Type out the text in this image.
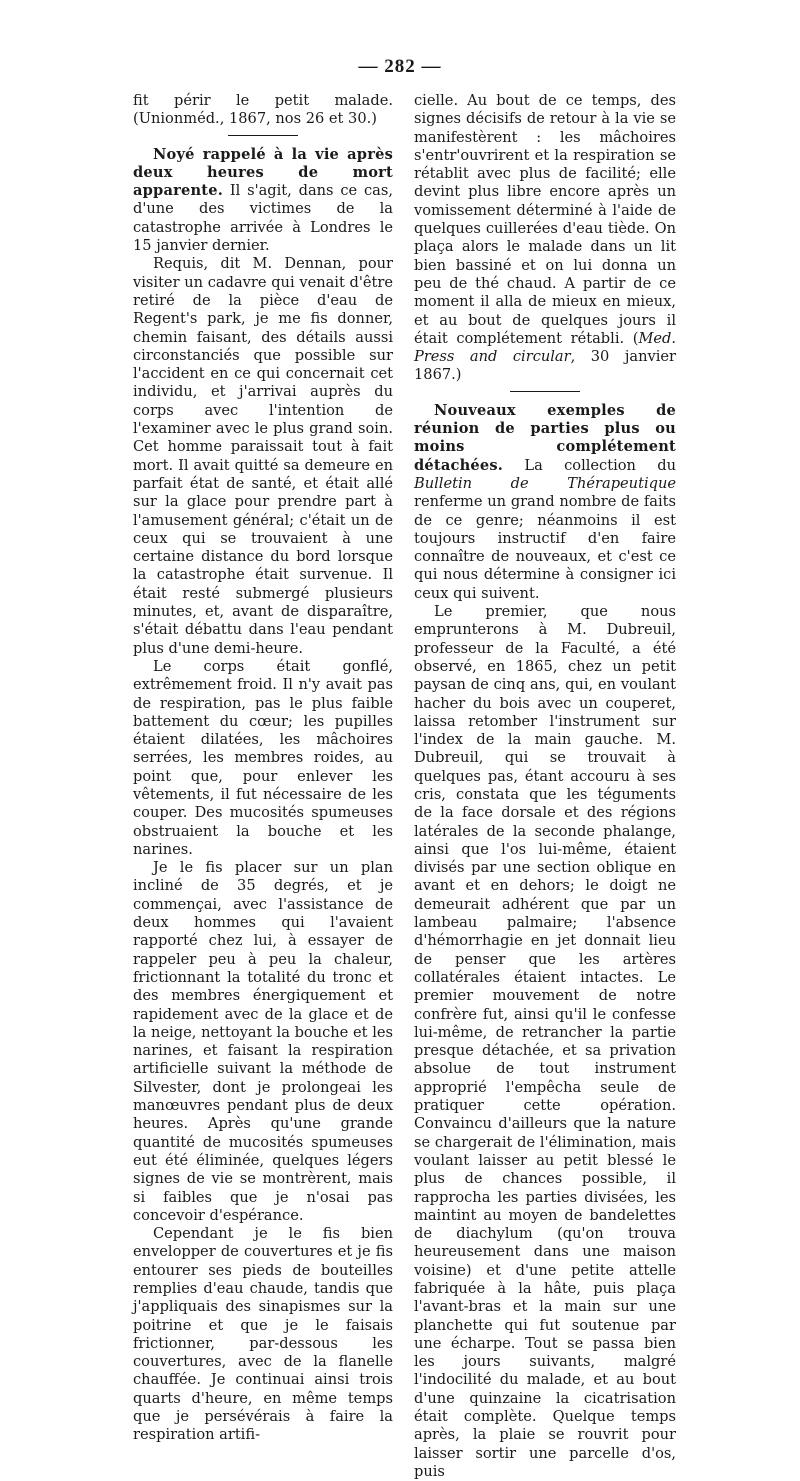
— 282 —

fit périr le petit malade. (Unionméd., 1867, nos 26 et 30.)

Noyé rappelé à la vie après deux heures de mort apparente. Il s'agit, dans ce cas, d'une des victimes de la catastrophe arrivée à Londres le 15 janvier dernier.

Requis, dit M. Dennan, pour visiter un cadavre qui venait d'être retiré de la pièce d'eau de Regent's park, je me fis donner, chemin faisant, des détails aussi circonstanciés que possible sur l'accident en ce qui concernait cet individu, et j'arrivai auprès du corps avec l'intention de l'examiner avec le plus grand soin. Cet homme paraissait tout à fait mort. Il avait quitté sa demeure en parfait état de santé, et était allé sur la glace pour prendre part à l'amusement général; c'était un de ceux qui se trouvaient à une certaine distance du bord lorsque la catastrophe était survenue. Il était resté submergé plusieurs minutes, et, avant de disparaître, s'était débattu dans l'eau pendant plus d'une demi-heure.

Le corps était gonflé, extrêmement froid. Il n'y avait pas de respiration, pas le plus faible battement du cœur; les pupilles étaient dilatées, les mâchoires serrées, les membres roides, au point que, pour enlever les vêtements, il fut nécessaire de les couper. Des mucosités spumeuses obstruaient la bouche et les narines.

Je le fis placer sur un plan incliné de 35 degrés, et je commençai, avec l'assistance de deux hommes qui l'avaient rapporté chez lui, à essayer de rappeler peu à peu la chaleur, frictionnant la totalité du tronc et des membres énergiquement et rapidement avec de la glace et de la neige, nettoyant la bouche et les narines, et faisant la respiration artificielle suivant la méthode de Silvester, dont je prolongeai les manœuvres pendant plus de deux heures. Après qu'une grande quantité de mucosités spumeuses eut été éliminée, quelques légers signes de vie se montrèrent, mais si faibles que je n'osai pas concevoir d'espérance.

Cependant je le fis bien envelopper de couvertures et je fis entourer ses pieds de bouteilles remplies d'eau chaude, tandis que j'appliquais des sinapismes sur la poitrine et que je le faisais frictionner, par-dessous les couvertures, avec de la flanelle chauffée. Je continuai ainsi trois quarts d'heure, en même temps que je persévérais à faire la respiration artifi-

cielle. Au bout de ce temps, des signes décisifs de retour à la vie se manifestèrent : les mâchoires s'entr'ouvrirent et la respiration se rétablit avec plus de facilité; elle devint plus libre encore après un vomissement déterminé à l'aide de quelques cuillerées d'eau tiède. On plaça alors le malade dans un lit bien bassiné et on lui donna un peu de thé chaud. A partir de ce moment il alla de mieux en mieux, et au bout de quelques jours il était complétement rétabli. (Med. Press and circular, 30 janvier 1867.)

Nouveaux exemples de réunion de parties plus ou moins complétement détachées. La collection du Bulletin de Thérapeutique renferme un grand nombre de faits de ce genre; néanmoins il est toujours instructif d'en faire connaître de nouveaux, et c'est ce qui nous détermine à consigner ici ceux qui suivent.

Le premier, que nous emprunterons à M. Dubreuil, professeur de la Faculté, a été observé, en 1865, chez un petit paysan de cinq ans, qui, en voulant hacher du bois avec un couperet, laissa retomber l'instrument sur l'index de la main gauche. M. Dubreuil, qui se trouvait à quelques pas, étant accouru à ses cris, constata que les téguments de la face dorsale et des régions latérales de la seconde phalange, ainsi que l'os lui-même, étaient divisés par une section oblique en avant et en dehors; le doigt ne demeurait adhérent que par un lambeau palmaire; l'absence d'hémorrhagie en jet donnait lieu de penser que les artères collatérales étaient intactes. Le premier mouvement de notre confrère fut, ainsi qu'il le confesse lui-même, de retrancher la partie presque détachée, et sa privation absolue de tout instrument approprié l'empêcha seule de pratiquer cette opération. Convaincu d'ailleurs que la nature se chargerait de l'élimination, mais voulant laisser au petit blessé le plus de chances possible, il rapprocha les parties divisées, les maintint au moyen de bandelettes de diachylum (qu'on trouva heureusement dans une maison voisine) et d'une petite attelle fabriquée à la hâte, puis plaça l'avant-bras et la main sur une planchette qui fut soutenue par une écharpe. Tout se passa bien les jours suivants, malgré l'indocilité du malade, et au bout d'une quinzaine la cicatrisation était complète. Quelque temps après, la plaie se rouvrit pour laisser sortir une parcelle d'os, puis
